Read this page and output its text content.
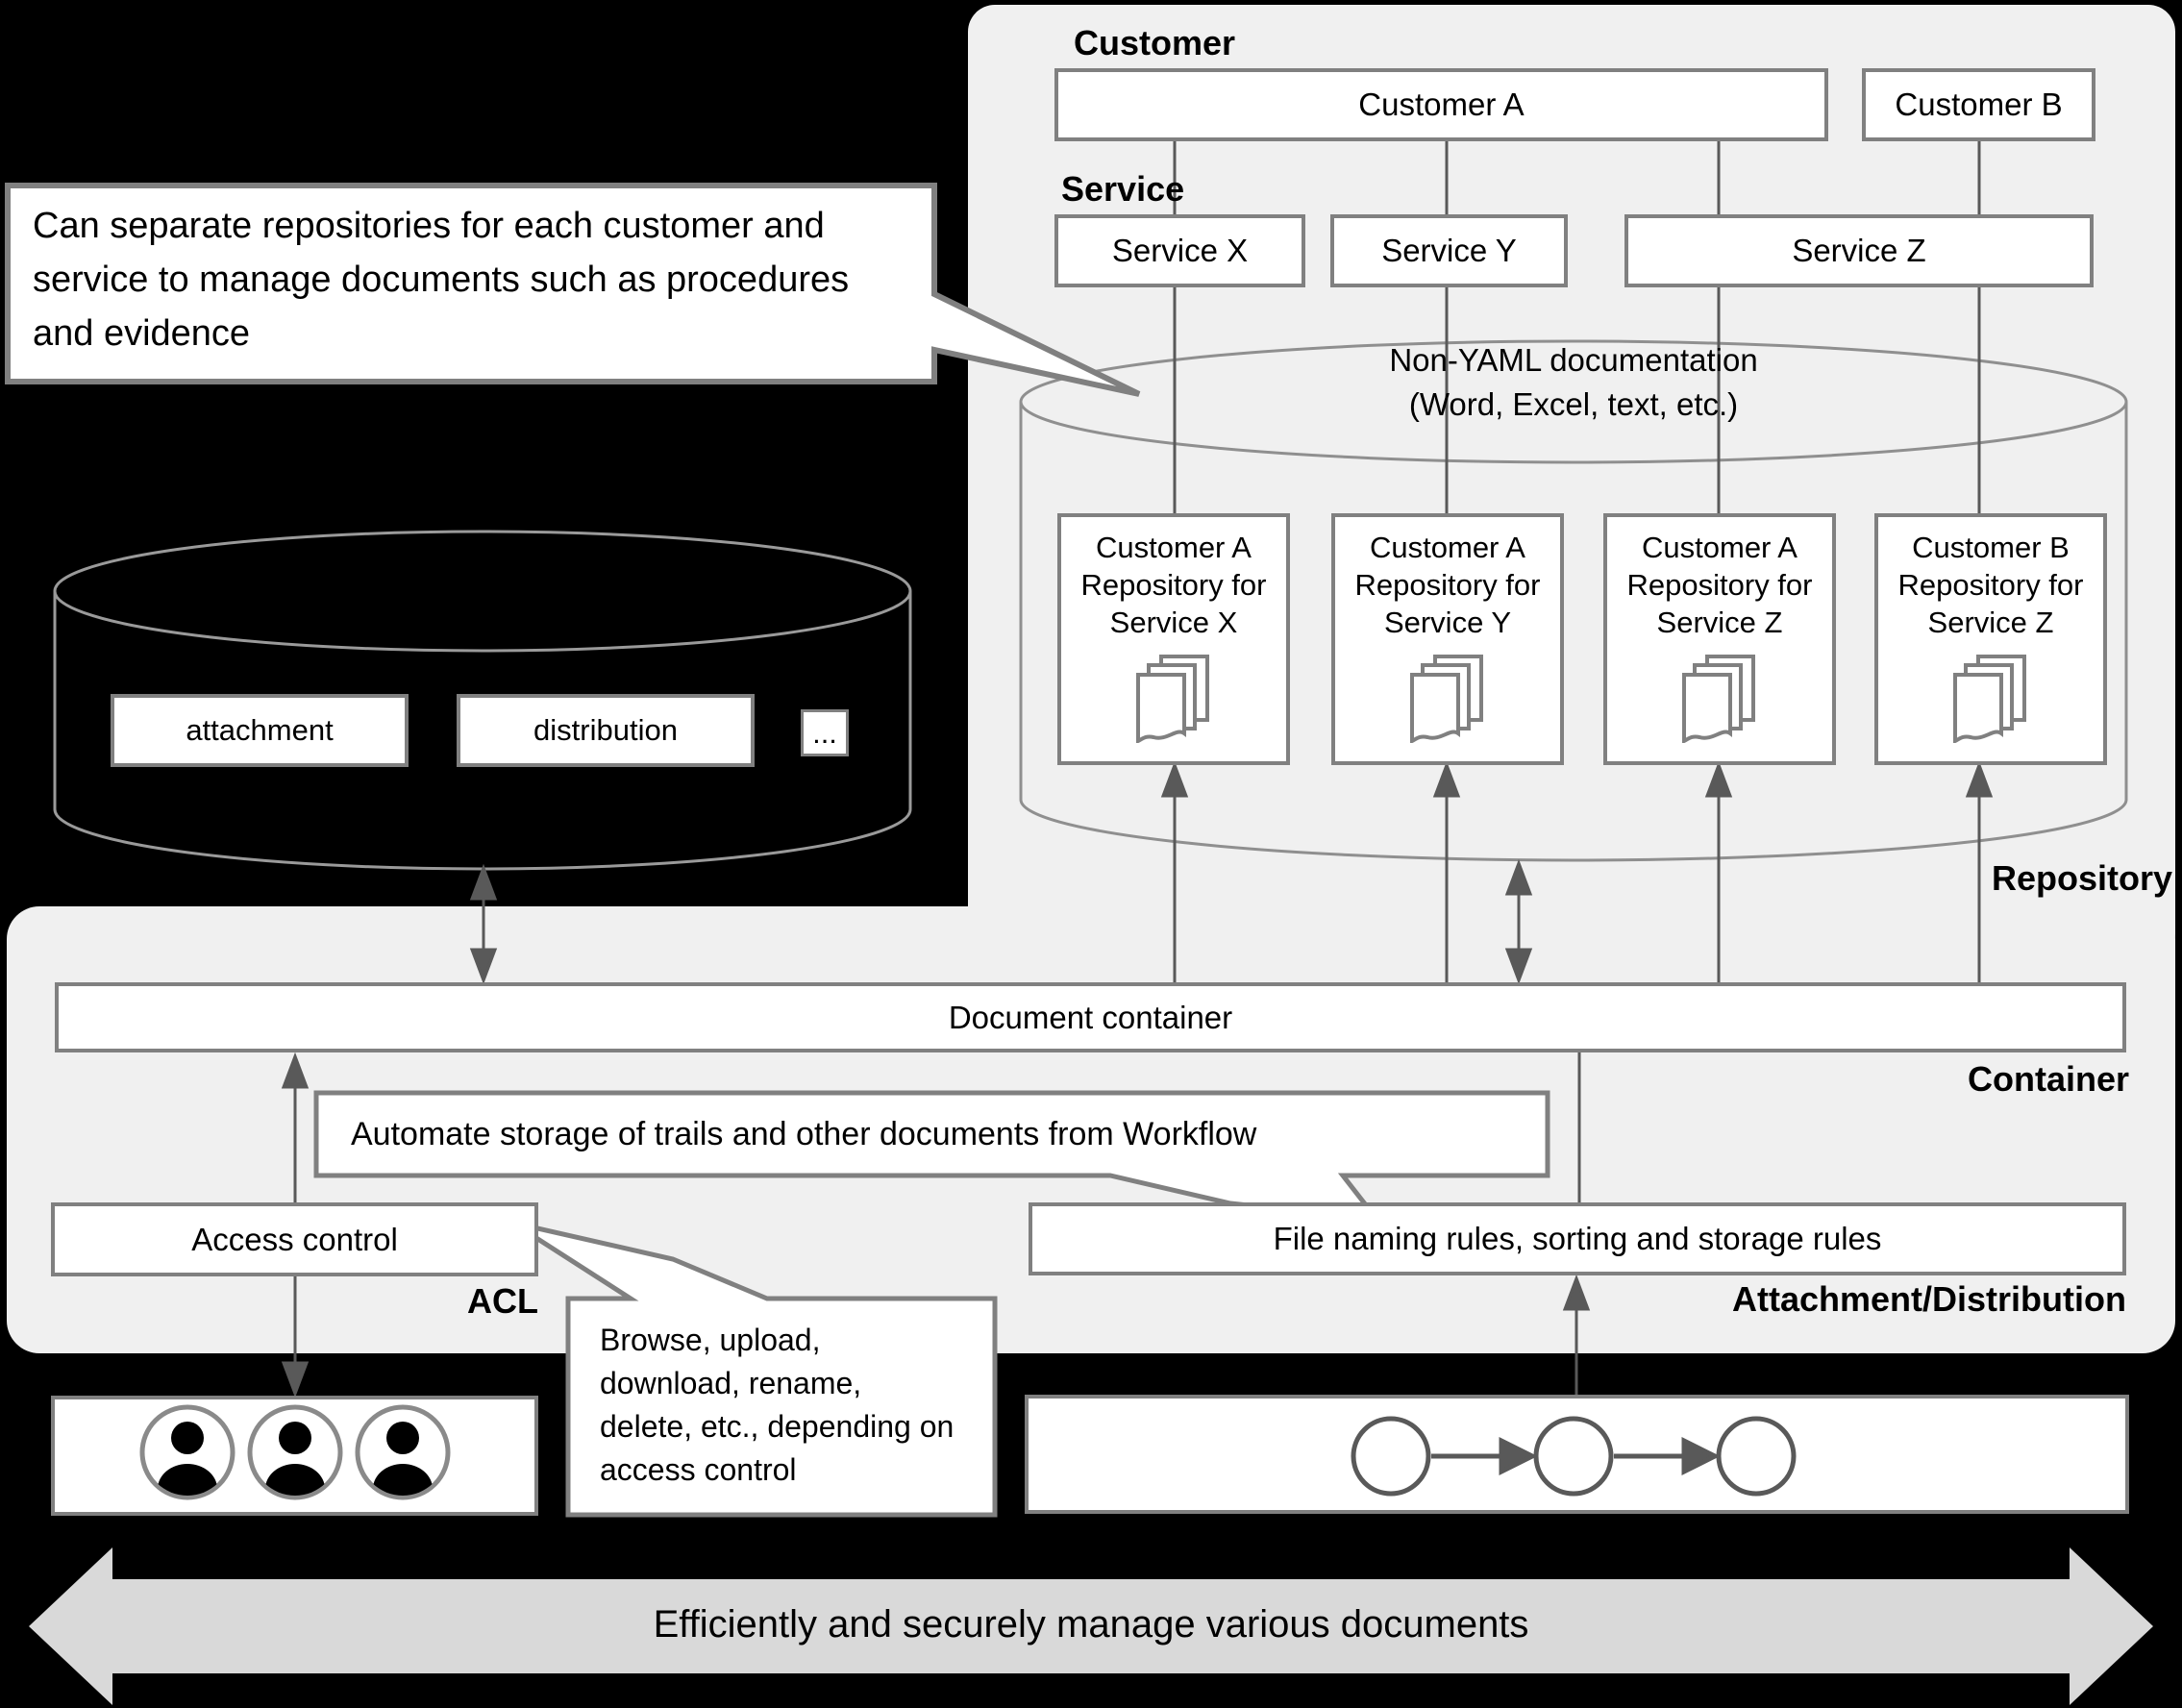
Customer
Customer A	Customer B
Service
Service X	Service Y	Service Z
Non-YAML documentation
(Word, Excel, text, etc.)
Customer A
Repository for
Service X
Customer A
Repository for
Service Y
Customer A
Repository for
Service Z
Customer B
Repository for
Service Z
Repository
attachment	distribution	...
Can separate repositories for each customer and service to manage documents such as procedures and evidence
Automate storage of trails and other documents from Workflow
Browse, upload, download, rename, delete, etc., depending on access control
Document container
Container
Access control
ACL
File naming rules, sorting and storage rules
Attachment/Distribution
Efficiently and securely manage various documents
